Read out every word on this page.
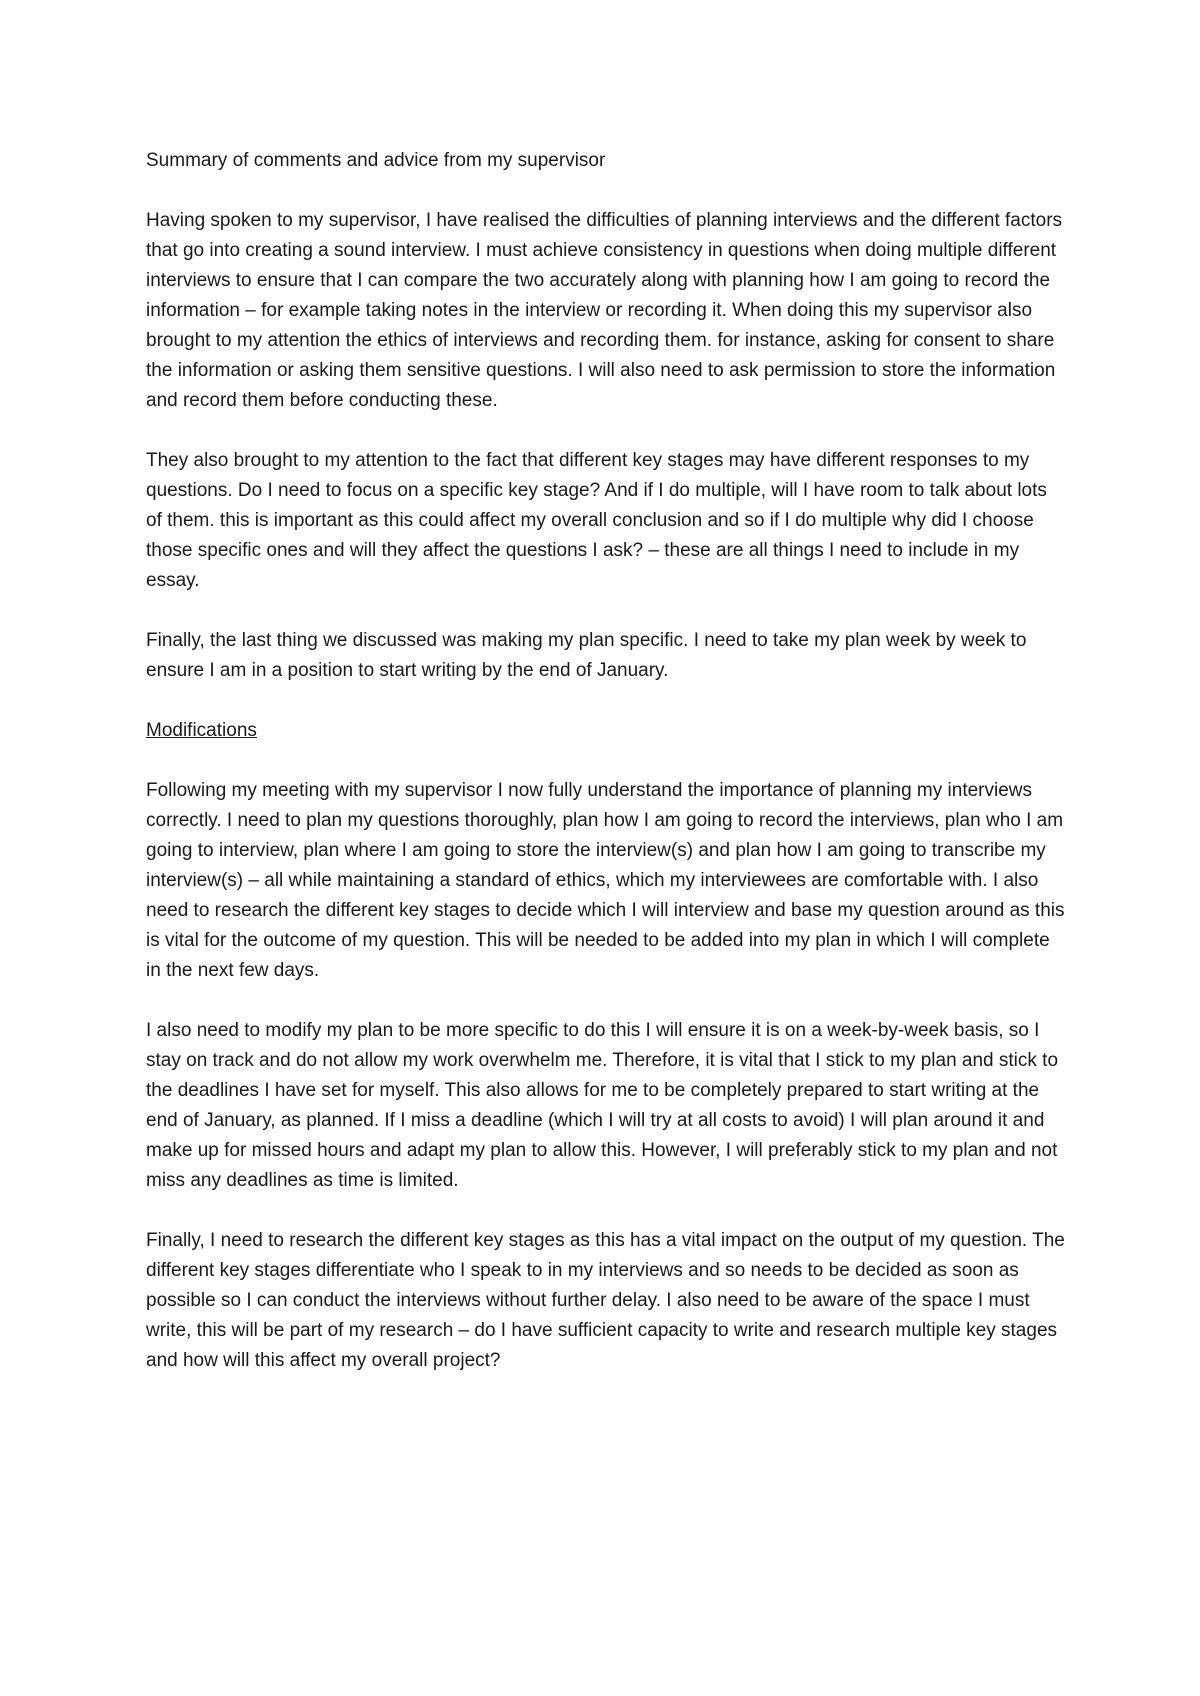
Summary of comments and advice from my supervisor

Having spoken to my supervisor, I have realised the difficulties of planning interviews and the different factors that go into creating a sound interview. I must achieve consistency in questions when doing multiple different interviews to ensure that I can compare the two accurately along with planning how I am going to record the information – for example taking notes in the interview or recording it. When doing this my supervisor also brought to my attention the ethics of interviews and recording them. for instance, asking for consent to share the information or asking them sensitive questions. I will also need to ask permission to store the information and record them before conducting these.

They also brought to my attention to the fact that different key stages may have different responses to my questions. Do I need to focus on a specific key stage? And if I do multiple, will I have room to talk about lots of them. this is important as this could affect my overall conclusion and so if I do multiple why did I choose those specific ones and will they affect the questions I ask? – these are all things I need to include in my essay.

Finally, the last thing we discussed was making my plan specific. I need to take my plan week by week to ensure I am in a position to start writing by the end of January.

Modifications

Following my meeting with my supervisor I now fully understand the importance of planning my interviews correctly. I need to plan my questions thoroughly, plan how I am going to record the interviews, plan who I am going to interview, plan where I am going to store the interview(s) and plan how I am going to transcribe my interview(s) – all while maintaining a standard of ethics, which my interviewees are comfortable with. I also need to research the different key stages to decide which I will interview and base my question around as this is vital for the outcome of my question. This will be needed to be added into my plan in which I will complete in the next few days.

I also need to modify my plan to be more specific to do this I will ensure it is on a week-by-week basis, so I stay on track and do not allow my work overwhelm me. Therefore, it is vital that I stick to my plan and stick to the deadlines I have set for myself. This also allows for me to be completely prepared to start writing at the end of January, as planned. If I miss a deadline (which I will try at all costs to avoid) I will plan around it and make up for missed hours and adapt my plan to allow this. However, I will preferably stick to my plan and not miss any deadlines as time is limited.

Finally, I need to research the different key stages as this has a vital impact on the output of my question. The different key stages differentiate who I speak to in my interviews and so needs to be decided as soon as possible so I can conduct the interviews without further delay. I also need to be aware of the space I must write, this will be part of my research – do I have sufficient capacity to write and research multiple key stages and how will this affect my overall project?
